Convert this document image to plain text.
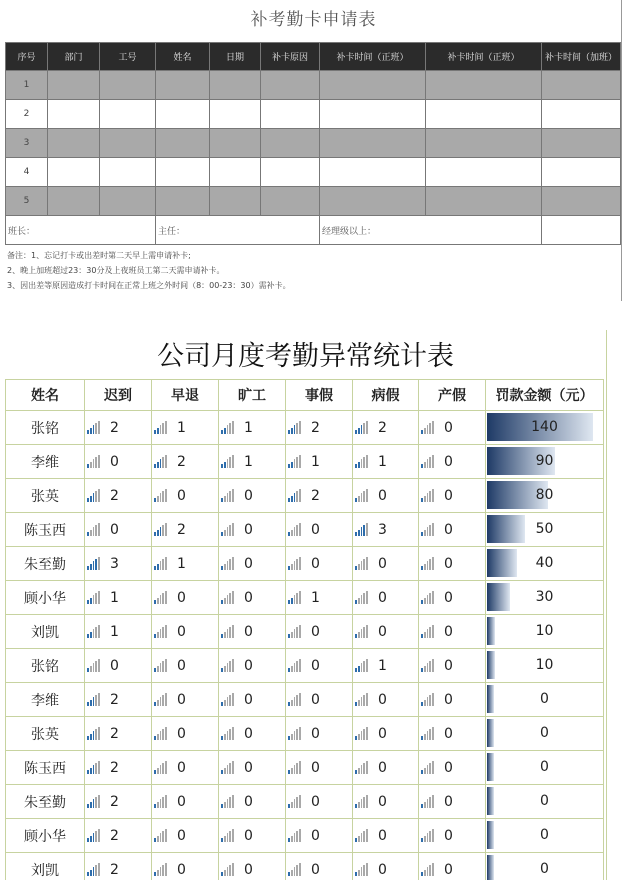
补考勤卡申请表
序号	部门	工号	姓名	日期	补卡原因	补卡时间（正班）	补卡时间（正班）	补卡时间（加班）
1								
2								
3								
4								
5								
班长：			主任：			经理级以上：		
备注：1、忘记打卡或出差时第二天早上需申请补卡;
2、晚上加班超过23：30分及上夜班员工第二天需申请补卡。
3、因出差等原因造成打卡时间在正常上班之外时间（8：00-23：30）需补卡。
公司月度考勤异常统计表
姓名	迟到	早退	旷工	事假	病假	产假	罚款金额（元）
张铭	2	1	1	2	2	0	140

李维	0	2	1	1	1	0	90

张英	2	0	0	2	0	0	80

陈玉西	0	2	0	0	3	0	50

朱至勤	3	1	0	0	0	0	40

顾小华	1	0	0	1	0	0	30

刘凯	1	0	0	0	0	0	10

张铭	0	0	0	0	1	0	10

李维	2	0	0	0	0	0	0

张英	2	0	0	0	0	0	0

陈玉西	2	0	0	0	0	0	0

朱至勤	2	0	0	0	0	0	0

顾小华	2	0	0	0	0	0	0

刘凯	2	0	0	0	0	0	0
